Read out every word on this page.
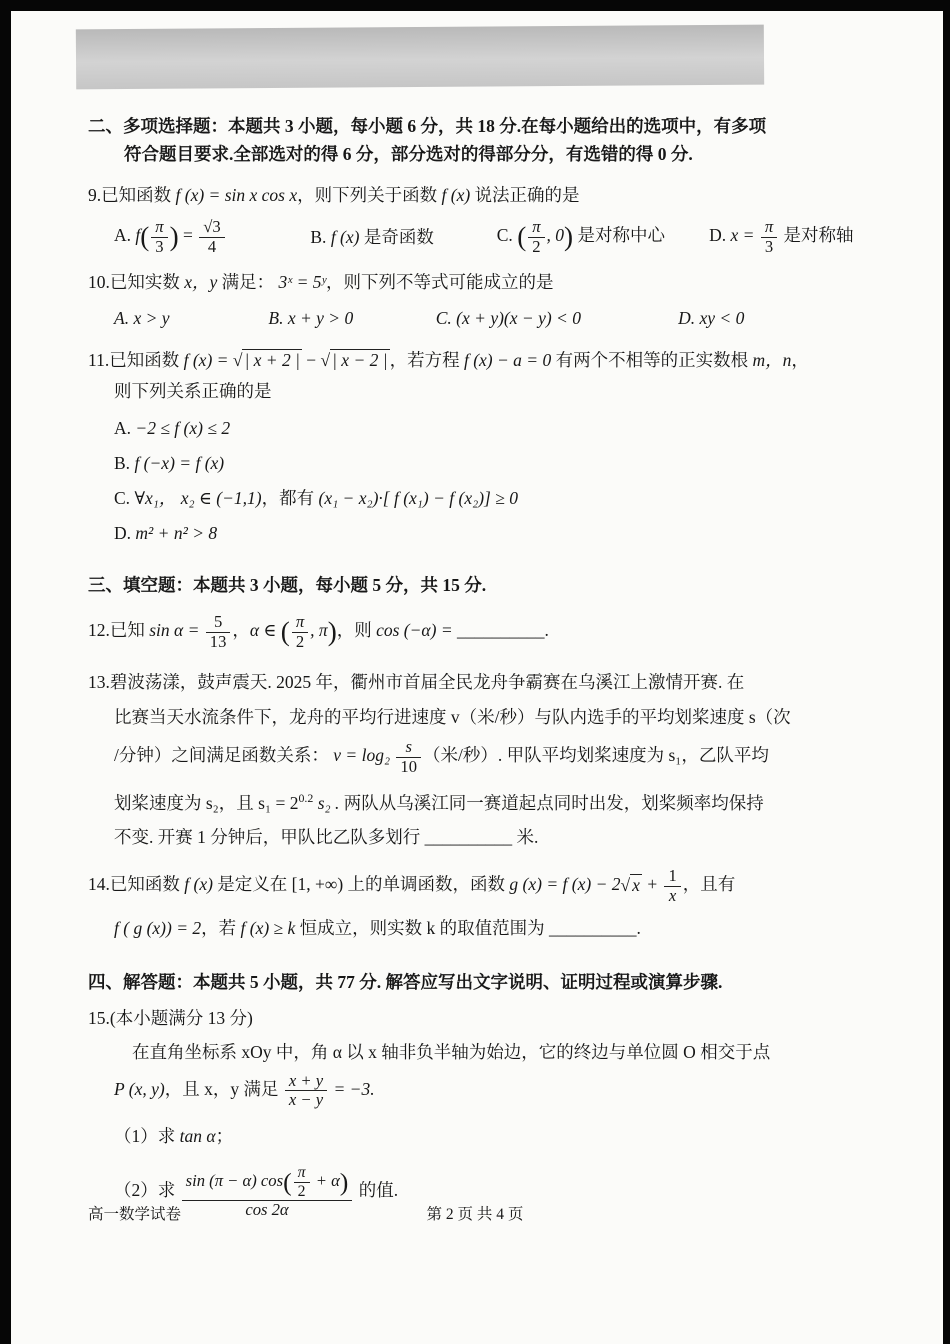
二、多项选择题：本题共 3 小题，每小题 6 分，共 18 分.在每小题给出的选项中，有多项

符合题目要求.全部选对的得 6 分，部分选对的得部分分，有选错的得 0 分.

9.已知函数 f (x) = sin x cos x，则下列关于函数 f (x) 说法正确的是

A. $f( \frac{\pi}{3}$ ) = $\frac{√3}{4}$	B. f (x) 是奇函数	C. ( $\frac{\pi}{2}$ , 0) 是对称中心	D. $x = \frac{\pi}{3}$ 是对称轴

10.已知实数 x，y 满足： 3ˣ = 5ʸ，则下列不等式可能成立的是

A. x > y	B. x + y > 0	C. (x + y)(x − y) < 0	D. xy < 0

11.已知函数 f (x) = √ | x + 2 | − √ | x − 2 | ，若方程 f (x) − a = 0 有两个不相等的正实数根 m，n，

则下列关系正确的是

A. −2 ≤ f (x) ≤ 2

B. f (−x) = f (x)

C. ∀x₁， x₂ ∈ (−1,1)，都有 (x₁ − x₂)·[ f (x₁) − f (x₂)] ≥ 0

D. m² + n² > 8

三、填空题：本题共 3 小题，每小题 5 分，共 15 分.

12.已知 $\sin \alpha = \frac{5}{13}$ ，α ∈ ( $\frac{\pi}{2}$ , π)，则 cos (−α) = __________.

13.碧波荡漾，鼓声震天. 2025 年，衢州市首届全民龙舟争霸赛在乌溪江上激情开赛. 在

比赛当天水流条件下，龙舟的平均行进速度 v（米/秒）与队内选手的平均划桨速度 s（次

/分钟）之间满足函数关系： $v = \log_2 \frac{s}{10}$ （米/秒）. 甲队平均划桨速度为 s₁，乙队平均

划桨速度为 s₂，且 $s_1 = 2^{0.2}$ s₂ . 两队从乌溪江同一赛道起点同时出发，划桨频率均保持

不变. 开赛 1 分钟后，甲队比乙队多划行 __________ 米.

14.已知函数 f (x) 是定义在 [1, +∞) 上的单调函数，函数 g (x) = f (x) − 2 √ $x + \frac{1}{x}$ ，且有

f ( g (x)) = 2，若 f (x) ≥ k 恒成立，则实数 k 的取值范围为 __________.

四、解答题：本题共 5 小题，共 77 分. 解答应写出文字说明、证明过程或演算步骤.

15.(本小题满分 13 分)

在直角坐标系 xOy 中，角 α 以 x 轴非负半轴为始边，它的终边与单位圆 O 相交于点

P (x, y)，且 x，y 满足 $\frac{x + y}{x - y} = -3$.

（1）求 tan α；

（2）求 $\frac{\sin (\pi - \alpha) \cos( \frac{\pi}{2} + \alpha)}{\cos 2\alpha}$ 的值.

高一数学试卷	第 2 页 共 4 页
